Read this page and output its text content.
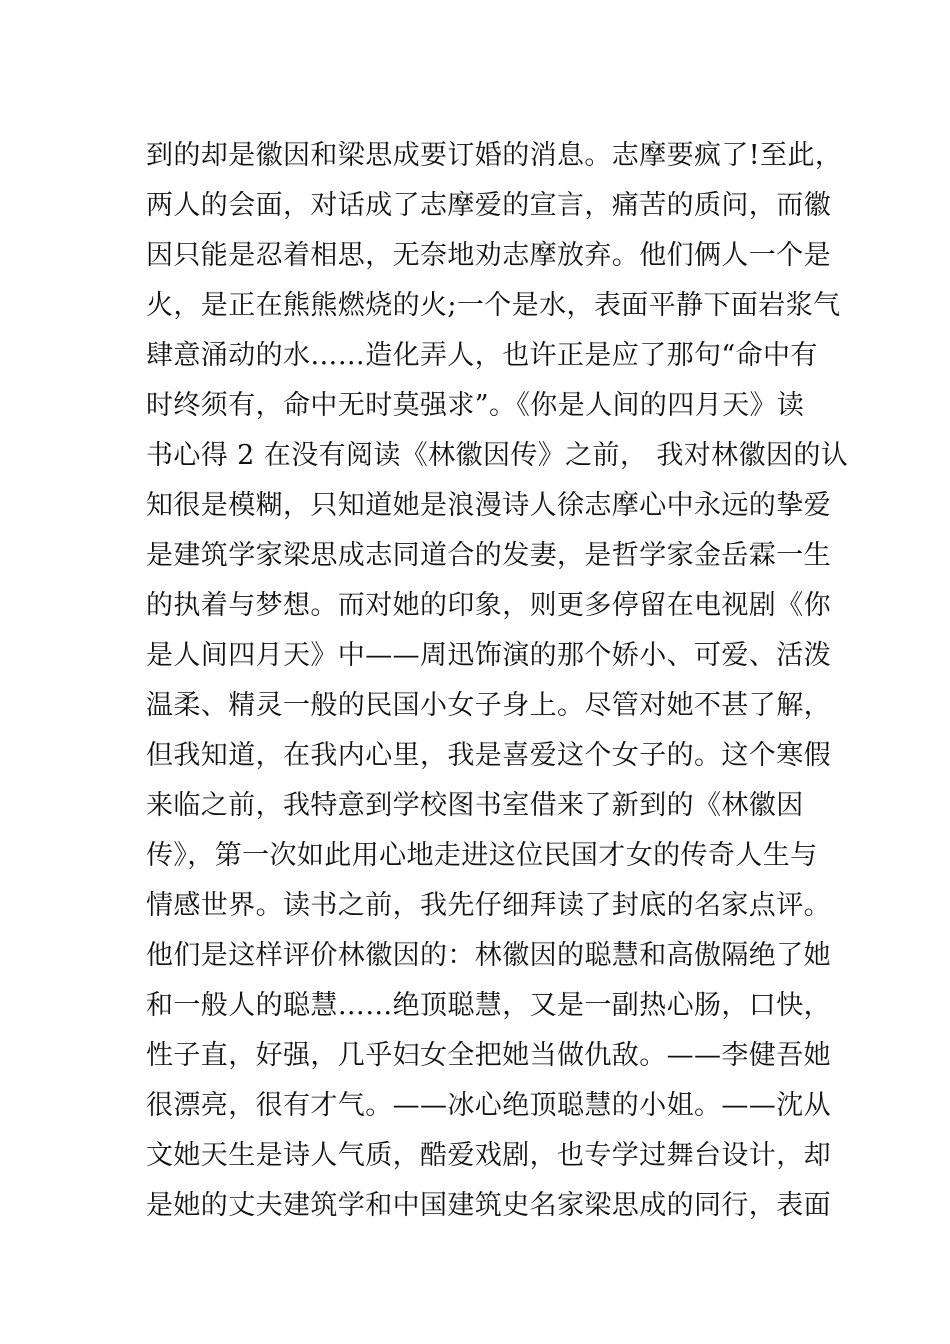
到的却是徽因和梁思成要订婚的消息。志摩要疯了!至此，
两人的会面，对话成了志摩爱的宣言，痛苦的质问，而徽
因只能是忍着相思，无奈地劝志摩放弃。他们俩人一个是
火，是正在熊熊燃烧的火;一个是水，表面平静下面岩浆气
肆意涌动的水……造化弄人，也许正是应了那句“命中有
时终须有，命中无时莫强求”。《你是人间的四月天》读
书心得 2 在没有阅读《林徽因传》之前， 我对林徽因的认
知很是模糊，只知道她是浪漫诗人徐志摩心中永远的挚爱
是建筑学家梁思成志同道合的发妻，是哲学家金岳霖一生
的执着与梦想。而对她的印象，则更多停留在电视剧《你
是人间四月天》中——周迅饰演的那个娇小、可爱、活泼
温柔、精灵一般的民国小女子身上。尽管对她不甚了解，
但我知道，在我内心里，我是喜爱这个女子的。这个寒假
来临之前，我特意到学校图书室借来了新到的《林徽因
传》，第一次如此用心地走进这位民国才女的传奇人生与
情感世界。读书之前，我先仔细拜读了封底的名家点评。
他们是这样评价林徽因的：林徽因的聪慧和高傲隔绝了她
和一般人的聪慧……绝顶聪慧，又是一副热心肠，口快，
性子直，好强，几乎妇女全把她当做仇敌。——李健吾她
很漂亮，很有才气。——冰心绝顶聪慧的小姐。——沈从
文她天生是诗人气质，酷爱戏剧，也专学过舞台设计，却
是她的丈夫建筑学和中国建筑史名家梁思成的同行，表面
